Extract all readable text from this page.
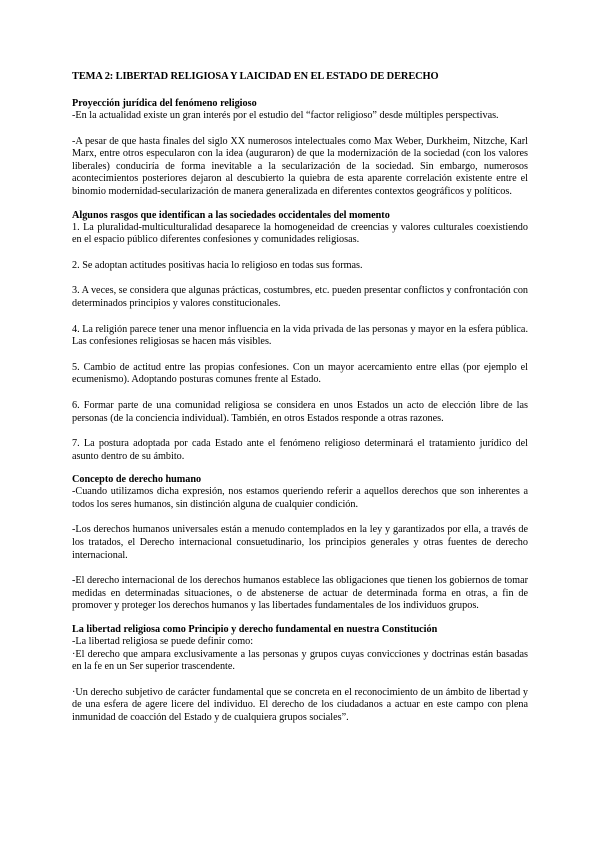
TEMA 2: LIBERTAD RELIGIOSA Y LAICIDAD EN EL ESTADO DE DERECHO
Proyección jurídica del fenómeno religioso

-En la actualidad existe un gran interés por el estudio del “factor religioso” desde múltiples perspectivas.

-A pesar de que hasta finales del siglo XX numerosos intelectuales como Max Weber, Durkheim, Nitzche, Karl Marx, entre otros especularon con la idea (auguraron) de que la modernización de la sociedad (con los valores liberales) conduciría de forma inevitable a la secularización de la sociedad. Sin embargo, numerosos acontecimientos posteriores dejaron al descubierto la quiebra de esta aparente correlación existente entre el binomio modernidad-secularización de manera generalizada en diferentes contextos geográficos y políticos.

Algunos rasgos que identifican a las sociedades occidentales del momento

1. La pluralidad-multiculturalidad desaparece la homogeneidad de creencias y valores culturales coexistiendo en el espacio público diferentes confesiones y comunidades religiosas.

2. Se adoptan actitudes positivas hacia lo religioso en todas sus formas.

3. A veces, se considera que algunas prácticas, costumbres, etc. pueden presentar conflictos y confrontación con determinados principios y valores constitucionales.

4. La religión parece tener una menor influencia en la vida privada de las personas y mayor en la esfera pública. Las confesiones religiosas se hacen más visibles.

5. Cambio de actitud entre las propias confesiones. Con un mayor acercamiento entre ellas (por ejemplo el ecumenismo). Adoptando posturas comunes frente al Estado.

6. Formar parte de una comunidad religiosa se considera en unos Estados un acto de elección libre de las personas (de la conciencia individual). También, en otros Estados responde a otras razones.

7. La postura adoptada por cada Estado ante el fenómeno religioso determinará el tratamiento jurídico del asunto dentro de su ámbito.

Concepto de derecho humano

-Cuando utilizamos dicha expresión, nos estamos queriendo referir a aquellos derechos que son inherentes a todos los seres humanos, sin distinción alguna de cualquier condición.

-Los derechos humanos universales están a menudo contemplados en la ley y garantizados por ella, a través de los tratados, el Derecho internacional consuetudinario, los principios generales y otras fuentes de derecho internacional.

-El derecho internacional de los derechos humanos establece las obligaciones que tienen los gobiernos de tomar medidas en determinadas situaciones, o de abstenerse de actuar de determinada forma en otras, a fin de promover y proteger los derechos humanos y las libertades fundamentales de los individuos grupos.

La libertad religiosa como Principio y derecho fundamental en nuestra Constitución

-La libertad religiosa se puede definir como:

·El derecho que ampara exclusivamente a las personas y grupos cuyas convicciones y doctrinas están basadas en la fe en un Ser superior trascendente.

·Un derecho subjetivo de carácter fundamental que se concreta en el reconocimiento de un ámbito de libertad y de una esfera de agere licere del individuo. El derecho de los ciudadanos a actuar en este campo con plena inmunidad de coacción del Estado y de cualquiera grupos sociales”.
